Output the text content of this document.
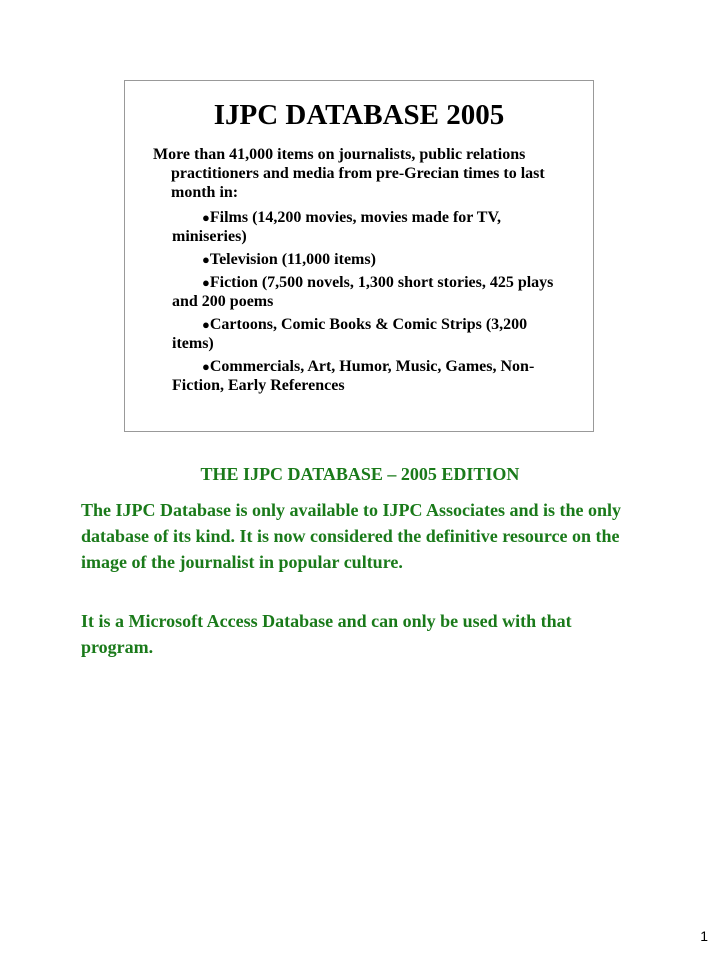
IJPC DATABASE 2005
More than 41,000 items on journalists, public relations practitioners and media from pre-Grecian times to last month in:
●Films (14,200 movies, movies made for TV, miniseries)
●Television (11,000 items)
●Fiction (7,500 novels, 1,300 short stories, 425 plays and 200 poems
●Cartoons, Comic Books & Comic Strips (3,200 items)
●Commercials, Art, Humor, Music, Games, Non-Fiction, Early References
THE IJPC DATABASE – 2005 EDITION

The IJPC Database is only available to IJPC Associates and is the only database of its kind. It is now considered the definitive resource on the image of the journalist in popular culture.

It is a Microsoft Access Database and can only be used with that program.

1
